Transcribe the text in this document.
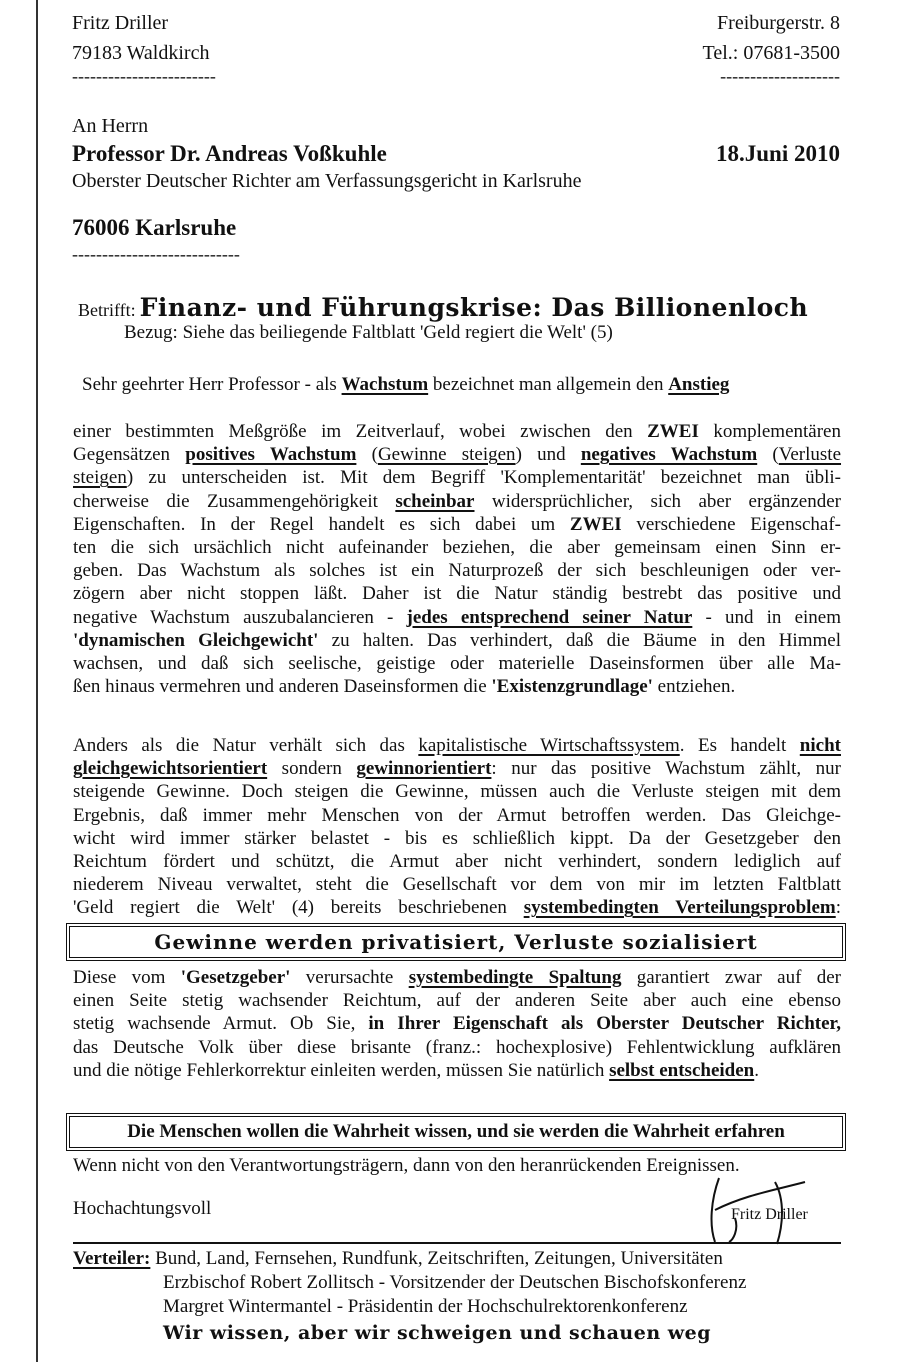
Fritz Driller
79183 Waldkirch
------------------------
Freiburgerstr. 8
Tel.: 07681-3500
--------------------
An Herrn
Professor Dr. Andreas Voßkuhle	18.Juni 2010
Oberster Deutscher Richter am Verfassungsgericht in Karlsruhe
76006 Karlsruhe
----------------------------
Betrifft: Finanz- und Führungskrise: Das Billionenloch
Bezug: Siehe das beiliegende Faltblatt 'Geld regiert die Welt' (5)
Sehr geehrter Herr Professor - als Wachstum bezeichnet man allgemein den Anstieg
einer bestimmten Meßgröße im Zeitverlauf, wobei zwischen den ZWEI komplementären
Gegensätzen positives Wachstum (Gewinne steigen) und negatives Wachstum (Verluste
steigen) zu unterscheiden ist. Mit dem Begriff 'Komplementarität' bezeichnet man übli-
cherweise die Zusammengehörigkeit scheinbar widersprüchlicher, sich aber ergänzender
Eigenschaften. In der Regel handelt es sich dabei um ZWEI verschiedene Eigenschaf-
ten die sich ursächlich nicht aufeinander beziehen, die aber gemeinsam einen Sinn er-
geben. Das Wachstum als solches ist ein Naturprozeß der sich beschleunigen oder ver-
zögern aber nicht stoppen läßt. Daher ist die Natur ständig bestrebt das positive und
negative Wachstum auszubalancieren - jedes entsprechend seiner Natur - und in einem
'dynamischen Gleichgewicht' zu halten. Das verhindert, daß die Bäume in den Himmel
wachsen, und daß sich seelische, geistige oder materielle Daseinsformen über alle Ma-
ßen hinaus vermehren und anderen Daseinsformen die 'Existenzgrundlage' entziehen.
Anders als die Natur verhält sich das kapitalistische Wirtschaftssystem. Es handelt nicht
gleichgewichtsorientiert sondern gewinnorientiert: nur das positive Wachstum zählt, nur
steigende Gewinne. Doch steigen die Gewinne, müssen auch die Verluste steigen mit dem
Ergebnis, daß immer mehr Menschen von der Armut betroffen werden. Das Gleichge-
wicht wird immer stärker belastet - bis es schließlich kippt. Da der Gesetzgeber den
Reichtum fördert und schützt, die Armut aber nicht verhindert, sondern lediglich auf
niederem Niveau verwaltet, steht die Gesellschaft vor dem von mir im letzten Faltblatt
'Geld regiert die Welt' (4) bereits beschriebenen systembedingten Verteilungsproblem:
Gewinne werden privatisiert, Verluste sozialisiert
Diese vom 'Gesetzgeber' verursachte systembedingte Spaltung garantiert zwar auf der
einen Seite stetig wachsender Reichtum, auf der anderen Seite aber auch eine ebenso
stetig wachsende Armut. Ob Sie, in Ihrer Eigenschaft als Oberster Deutscher Richter,
das Deutsche Volk über diese brisante (franz.: hochexplosive) Fehlentwicklung aufklären
und die nötige Fehlerkorrektur einleiten werden, müssen Sie natürlich selbst entscheiden.
Die Menschen wollen die Wahrheit wissen, und sie werden die Wahrheit erfahren
Wenn nicht von den Verantwortungsträgern, dann von den heranrückenden Ereignissen.
Hochachtungsvoll	Fritz Driller
Verteiler: Bund, Land, Fernsehen, Rundfunk, Zeitschriften, Zeitungen, Universitäten
Erzbischof Robert Zollitsch - Vorsitzender der Deutschen Bischofskonferenz
Margret Wintermantel - Präsidentin der Hochschulrektorenkonferenz
Wir wissen, aber wir schweigen und schauen weg
